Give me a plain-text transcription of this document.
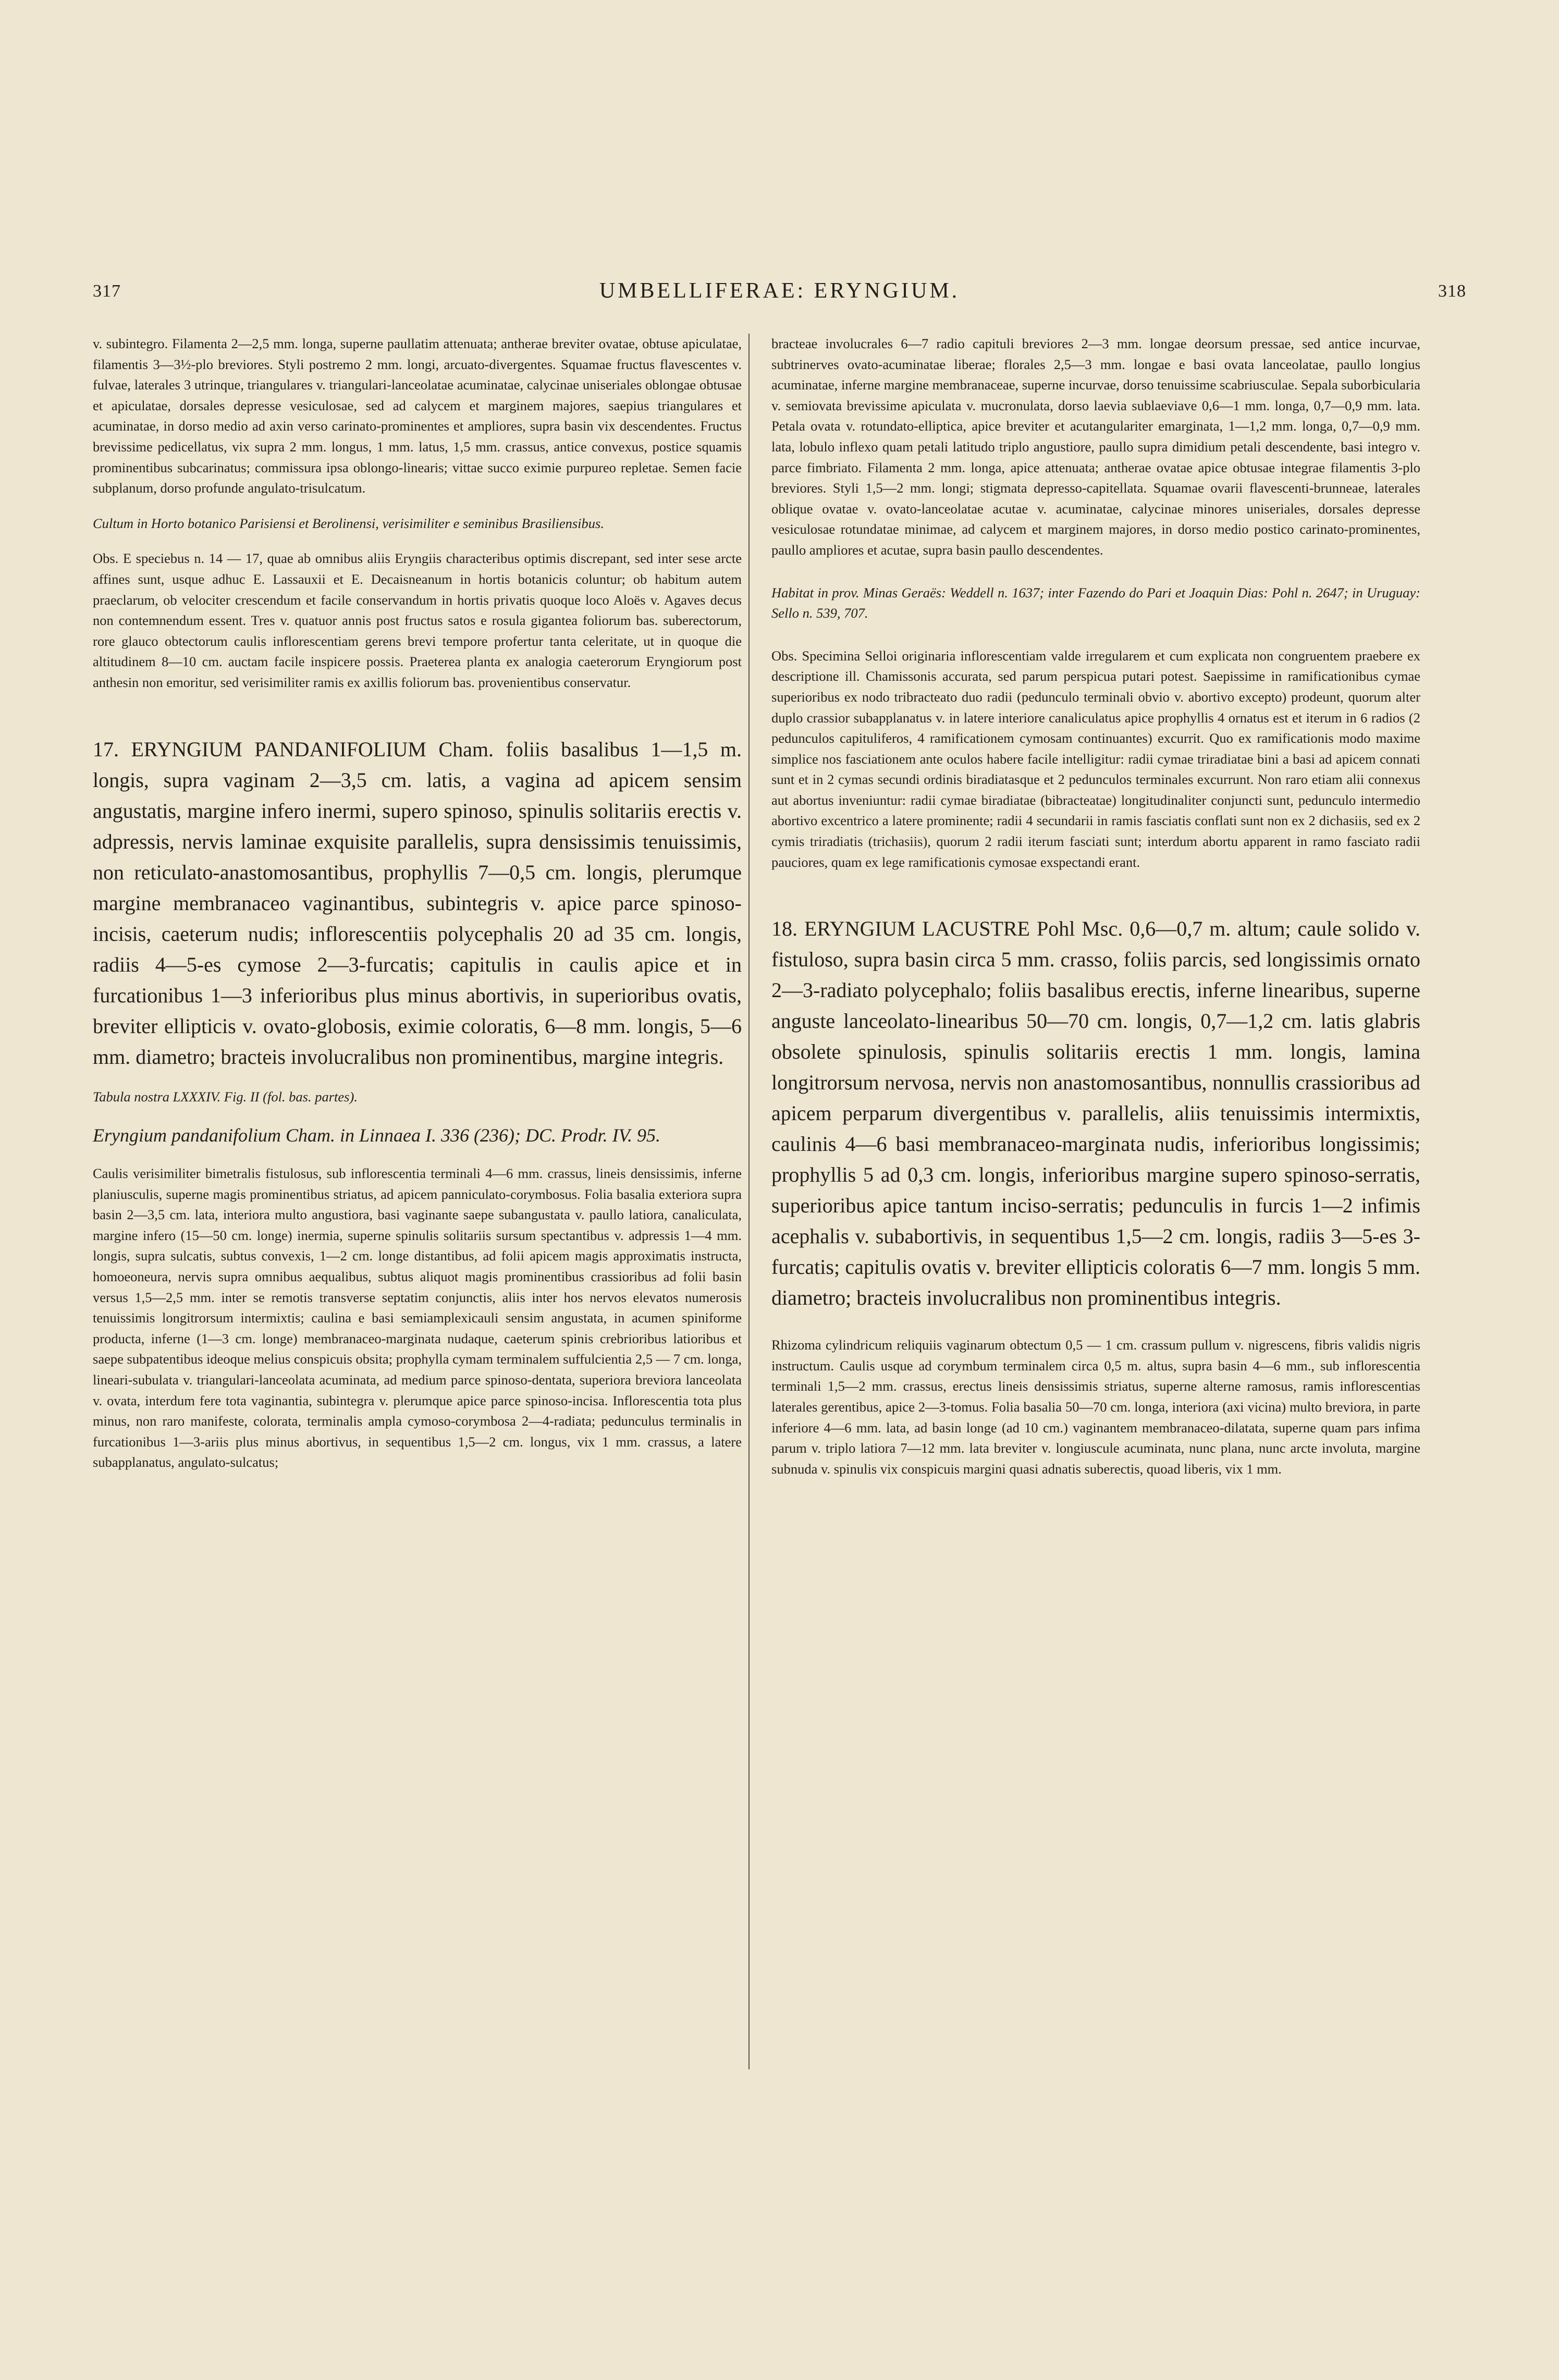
317	UMBELLIFERAE: ERYNGIUM.	318

v. subintegro. Filamenta 2—2,5 mm. longa, superne paullatim attenuata; antherae breviter ovatae, obtuse apiculatae, filamentis 3—3½-plo breviores. Styli postremo 2 mm. longi, arcuato-divergentes. Squamae fructus flavescentes v. fulvae, laterales 3 utrinque, triangulares v. triangulari-lanceolatae acuminatae, calycinae uniseriales oblongae obtusae et apiculatae, dorsales depresse vesiculosae, sed ad calycem et marginem majores, saepius triangulares et acuminatae, in dorso medio ad axin verso carinato-prominentes et ampliores, supra basin vix descendentes. Fructus brevissime pedicellatus, vix supra 2 mm. longus, 1 mm. latus, 1,5 mm. crassus, antice convexus, postice squamis prominentibus subcarinatus; commissura ipsa oblongo-linearis; vittae succo eximie purpureo repletae. Semen facie subplanum, dorso profunde angulato-trisulcatum.

Cultum in Horto botanico Parisiensi et Berolinensi, verisimiliter e seminibus Brasiliensibus.

Obs. E speciebus n. 14 — 17, quae ab omnibus aliis Eryngiis characteribus optimis discrepant, sed inter sese arcte affines sunt, usque adhuc E. Lassauxii et E. Decaisneanum in hortis botanicis coluntur; ob habitum autem praeclarum, ob velociter crescendum et facile conservandum in hortis privatis quoque loco Aloës v. Agaves decus non contemnendum essent. Tres v. quatuor annis post fructus satos e rosula gigantea foliorum bas. suberectorum, rore glauco obtectorum caulis inflorescentiam gerens brevi tempore profertur tanta celeritate, ut in quoque die altitudinem 8—10 cm. auctam facile inspicere possis. Praeterea planta ex analogia caeterorum Eryngiorum post anthesin non emoritur, sed verisimiliter ramis ex axillis foliorum bas. provenientibus conservatur.

17. ERYNGIUM PANDANIFOLIUM Cham. foliis basalibus 1—1,5 m. longis, supra vaginam 2—3,5 cm. latis, a vagina ad apicem sensim angustatis, margine infero inermi, supero spinoso, spinulis solitariis erectis v. adpressis, nervis laminae exquisite parallelis, supra densissimis tenuissimis, non reticulato-anastomosantibus, prophyllis 7—0,5 cm. longis, plerumque margine membranaceo vaginantibus, subintegris v. apice parce spinoso-incisis, caeterum nudis; inflorescentiis polycephalis 20 ad 35 cm. longis, radiis 4—5-es cymose 2—3-furcatis; capitulis in caulis apice et in furcationibus 1—3 inferioribus plus minus abortivis, in superioribus ovatis, breviter ellipticis v. ovato-globosis, eximie coloratis, 6—8 mm. longis, 5—6 mm. diametro; bracteis involucralibus non prominentibus, margine integris.

Tabula nostra LXXXIV. Fig. II (fol. bas. partes).

Eryngium pandanifolium Cham. in Linnaea I. 336 (236); DC. Prodr. IV. 95.

Caulis verisimiliter bimetralis fistulosus, sub inflorescentia terminali 4—6 mm. crassus, lineis densissimis, inferne planiusculis, superne magis prominentibus striatus, ad apicem panniculato-corymbosus. Folia basalia exteriora supra basin 2—3,5 cm. lata, interiora multo angustiora, basi vaginante saepe subangustata v. paullo latiora, canaliculata, margine infero (15—50 cm. longe) inermia, superne spinulis solitariis sursum spectantibus v. adpressis 1—4 mm. longis, supra sulcatis, subtus convexis, 1—2 cm. longe distantibus, ad folii apicem magis approximatis instructa, homoeoneura, nervis supra omnibus aequalibus, subtus aliquot magis prominentibus crassioribus ad folii basin versus 1,5—2,5 mm. inter se remotis transverse septatim conjunctis, aliis inter hos nervos elevatos numerosis tenuissimis longitrorsum intermixtis; caulina e basi semiamplexicauli sensim angustata, in acumen spiniforme producta, inferne (1—3 cm. longe) membranaceo-marginata nudaque, caeterum spinis crebrioribus latioribus et saepe subpatentibus ideoque melius conspicuis obsita; prophylla cymam terminalem suffulcientia 2,5 — 7 cm. longa, lineari-subulata v. triangulari-lanceolata acuminata, ad medium parce spinoso-dentata, superiora breviora lanceolata v. ovata, interdum fere tota vaginantia, subintegra v. plerumque apice parce spinoso-incisa. Inflorescentia tota plus minus, non raro manifeste, colorata, terminalis ampla cymoso-corymbosa 2—4-radiata; pedunculus terminalis in furcationibus 1—3-ariis plus minus abortivus, in sequentibus 1,5—2 cm. longus, vix 1 mm. crassus, a latere subapplanatus, angulato-sulcatus;

bracteae involucrales 6—7 radio capituli breviores 2—3 mm. longae deorsum pressae, sed antice incurvae, subtrinerves ovato-acuminatae liberae; florales 2,5—3 mm. longae e basi ovata lanceolatae, paullo longius acuminatae, inferne margine membranaceae, superne incurvae, dorso tenuissime scabriusculae. Sepala suborbicularia v. semiovata brevissime apiculata v. mucronulata, dorso laevia sublaeviave 0,6—1 mm. longa, 0,7—0,9 mm. lata. Petala ovata v. rotundato-elliptica, apice breviter et acutangulariter emarginata, 1—1,2 mm. longa, 0,7—0,9 mm. lata, lobulo inflexo quam petali latitudo triplo angustiore, paullo supra dimidium petali descendente, basi integro v. parce fimbriato. Filamenta 2 mm. longa, apice attenuata; antherae ovatae apice obtusae integrae filamentis 3-plo breviores. Styli 1,5—2 mm. longi; stigmata depresso-capitellata. Squamae ovarii flavescenti-brunneae, laterales oblique ovatae v. ovato-lanceolatae acutae v. acuminatae, calycinae minores uniseriales, dorsales depresse vesiculosae rotundatae minimae, ad calycem et marginem majores, in dorso medio postico carinato-prominentes, paullo ampliores et acutae, supra basin paullo descendentes.

Habitat in prov. Minas Geraës: Weddell n. 1637; inter Fazendo do Pari et Joaquin Dias: Pohl n. 2647; in Uruguay: Sello n. 539, 707.

Obs. Specimina Selloi originaria inflorescentiam valde irregularem et cum explicata non congruentem praebere ex descriptione ill. Chamissonis accurata, sed parum perspicua putari potest. Saepissime in ramificationibus cymae superioribus ex nodo tribracteato duo radii (pedunculo terminali obvio v. abortivo excepto) prodeunt, quorum alter duplo crassior subapplanatus v. in latere interiore canaliculatus apice prophyllis 4 ornatus est et iterum in 6 radios (2 pedunculos capituliferos, 4 ramificationem cymosam continuantes) excurrit. Quo ex ramificationis modo maxime simplice nos fasciationem ante oculos habere facile intelligitur: radii cymae triradiatae bini a basi ad apicem connati sunt et in 2 cymas secundi ordinis biradiatasque et 2 pedunculos terminales excurrunt. Non raro etiam alii connexus aut abortus inveniuntur: radii cymae biradiatae (bibracteatae) longitudinaliter conjuncti sunt, pedunculo intermedio abortivo excentrico a latere prominente; radii 4 secundarii in ramis fasciatis conflati sunt non ex 2 dichasiis, sed ex 2 cymis triradiatis (trichasiis), quorum 2 radii iterum fasciati sunt; interdum abortu apparent in ramo fasciato radii pauciores, quam ex lege ramificationis cymosae exspectandi erant.

18. ERYNGIUM LACUSTRE Pohl Msc. 0,6—0,7 m. altum; caule solido v. fistuloso, supra basin circa 5 mm. crasso, foliis parcis, sed longissimis ornato 2—3-radiato polycephalo; foliis basalibus erectis, inferne linearibus, superne anguste lanceolato-linearibus 50—70 cm. longis, 0,7—1,2 cm. latis glabris obsolete spinulosis, spinulis solitariis erectis 1 mm. longis, lamina longitrorsum nervosa, nervis non anastomosantibus, nonnullis crassioribus ad apicem perparum divergentibus v. parallelis, aliis tenuissimis intermixtis, caulinis 4—6 basi membranaceo-marginata nudis, inferioribus longissimis; prophyllis 5 ad 0,3 cm. longis, inferioribus margine supero spinoso-serratis, superioribus apice tantum inciso-serratis; pedunculis in furcis 1—2 infimis acephalis v. subabortivis, in sequentibus 1,5—2 cm. longis, radiis 3—5-es 3-furcatis; capitulis ovatis v. breviter ellipticis coloratis 6—7 mm. longis 5 mm. diametro; bracteis involucralibus non prominentibus integris.

Rhizoma cylindricum reliquiis vaginarum obtectum 0,5 — 1 cm. crassum pullum v. nigrescens, fibris validis nigris instructum. Caulis usque ad corymbum terminalem circa 0,5 m. altus, supra basin 4—6 mm., sub inflorescentia terminali 1,5—2 mm. crassus, erectus lineis densissimis striatus, superne alterne ramosus, ramis inflorescentias laterales gerentibus, apice 2—3-tomus. Folia basalia 50—70 cm. longa, interiora (axi vicina) multo breviora, in parte inferiore 4—6 mm. lata, ad basin longe (ad 10 cm.) vaginantem membranaceo-dilatata, superne quam pars infima parum v. triplo latiora 7—12 mm. lata breviter v. longiuscule acuminata, nunc plana, nunc arcte involuta, margine subnuda v. spinulis vix conspicuis margini quasi adnatis suberectis, quoad liberis, vix 1 mm.
